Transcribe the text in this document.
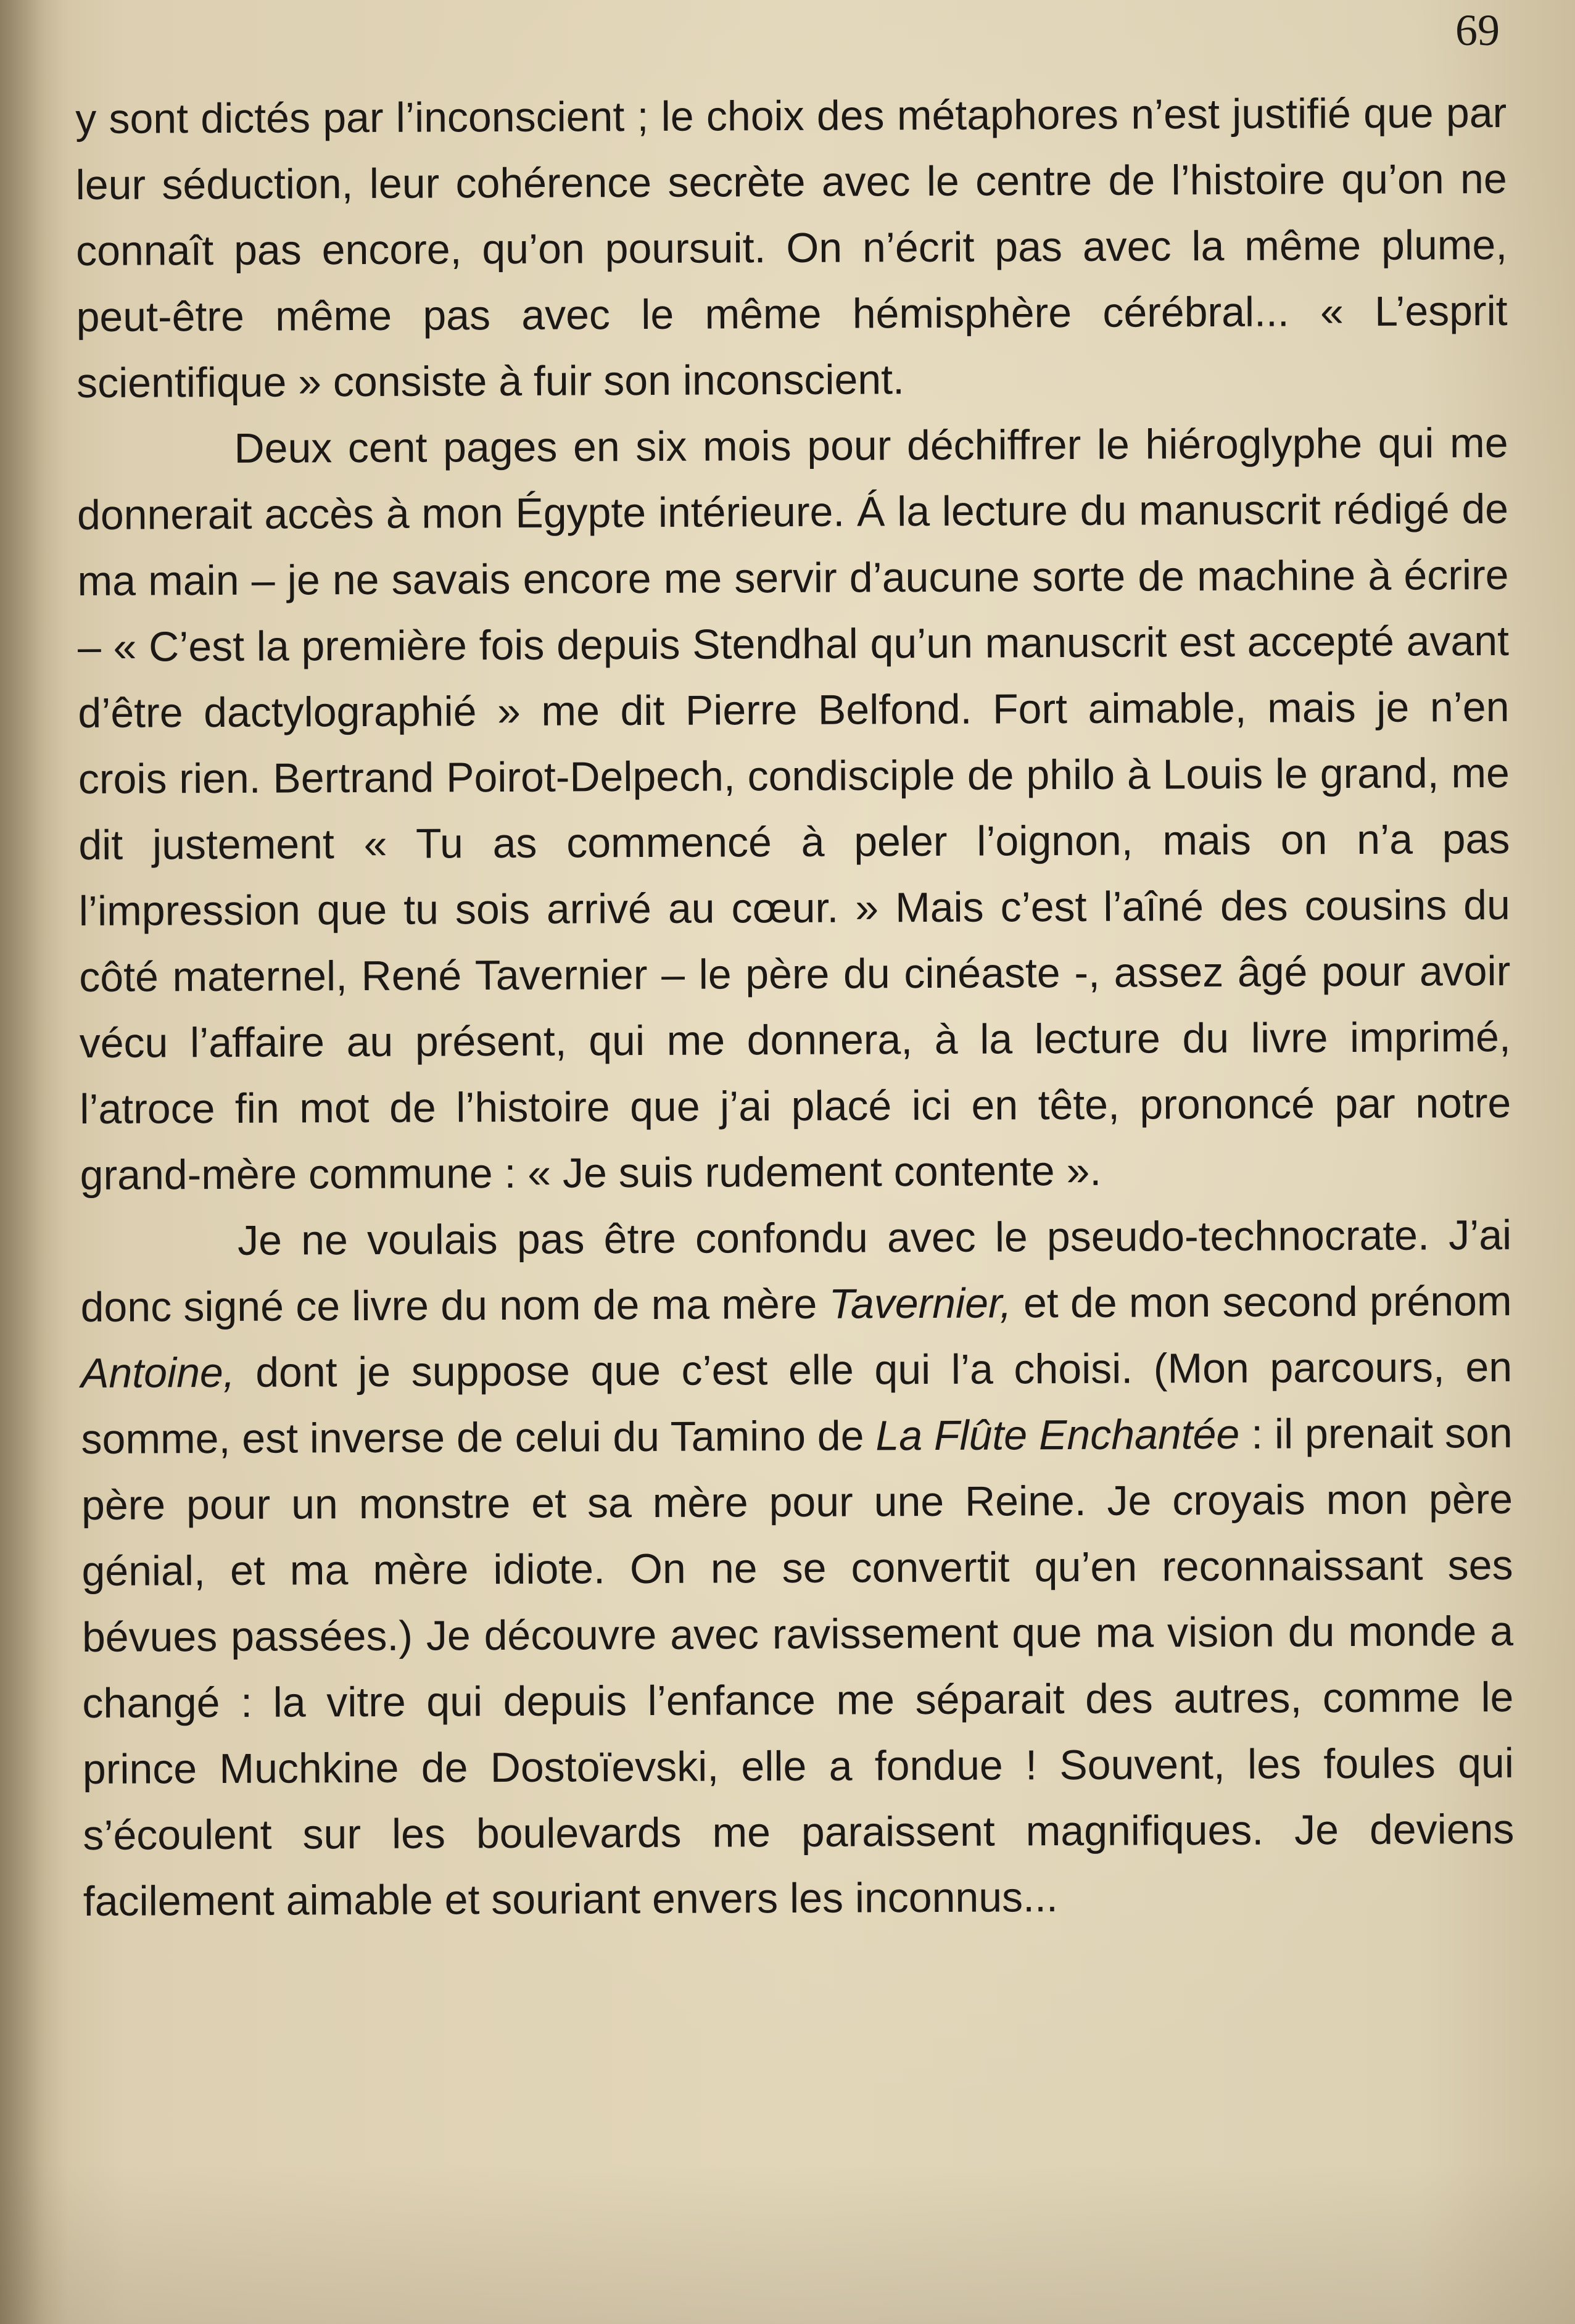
69

y sont dictés par l’inconscient ; le choix des métaphores n’est justifié que par leur séduction, leur cohérence secrète avec le centre de l’histoire qu’on ne connaît pas encore, qu’on poursuit. On n’écrit pas avec la même plume, peut-être même pas avec le même hémisphère cérébral... « L’esprit scientifique » consiste à fuir son inconscient.

Deux cent pages en six mois pour déchiffrer le hiéroglyphe qui me donnerait accès à mon Égypte intérieure. Á la lecture du manuscrit rédigé de ma main – je ne savais encore me servir d’aucune sorte de machine à écrire – « C’est la première fois depuis Stendhal qu’un manuscrit est accepté avant d’être dactylographié » me dit Pierre Belfond. Fort aimable, mais je n’en crois rien. Bertrand Poirot-Delpech, condisciple de philo à Louis le grand, me dit justement « Tu as commencé à peler l’oignon, mais on n’a pas l’impression que tu sois arrivé au cœur. » Mais c’est l’aîné des cousins du côté maternel, René Tavernier – le père du cinéaste -, assez âgé pour avoir vécu l’affaire au présent, qui me donnera, à la lecture du livre imprimé, l’atroce fin mot de l’histoire que j’ai placé ici en tête, prononcé par notre grand-mère commune : « Je suis rudement contente ».

Je ne voulais pas être confondu avec le pseudo-technocrate. J’ai donc signé ce livre du nom de ma mère Tavernier, et de mon second prénom Antoine, dont je suppose que c’est elle qui l’a choisi. (Mon parcours, en somme, est inverse de celui du Tamino de La Flûte Enchantée : il prenait son père pour un monstre et sa mère pour une Reine. Je croyais mon père génial, et ma mère idiote. On ne se convertit qu’en reconnaissant ses bévues passées.) Je découvre avec ravissement que ma vision du monde a changé : la vitre qui depuis l’enfance me séparait des autres, comme le prince Muchkine de Dostoïevski, elle a fondue ! Souvent, les foules qui s’écoulent sur les boulevards me paraissent magnifiques. Je deviens facilement aimable et souriant envers les inconnus...
